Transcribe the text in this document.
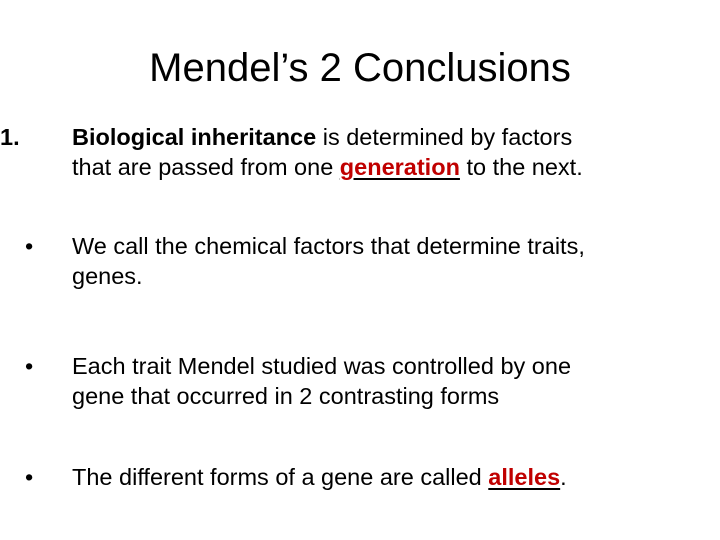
Mendel’s 2 Conclusions
1.	Biological inheritance is determined by factors
that are passed from one generation to the next.
•	We call the chemical factors that determine traits,
genes.
•	Each trait Mendel studied was controlled by one
gene that occurred in 2 contrasting forms
•	The different forms of a gene are called alleles.
